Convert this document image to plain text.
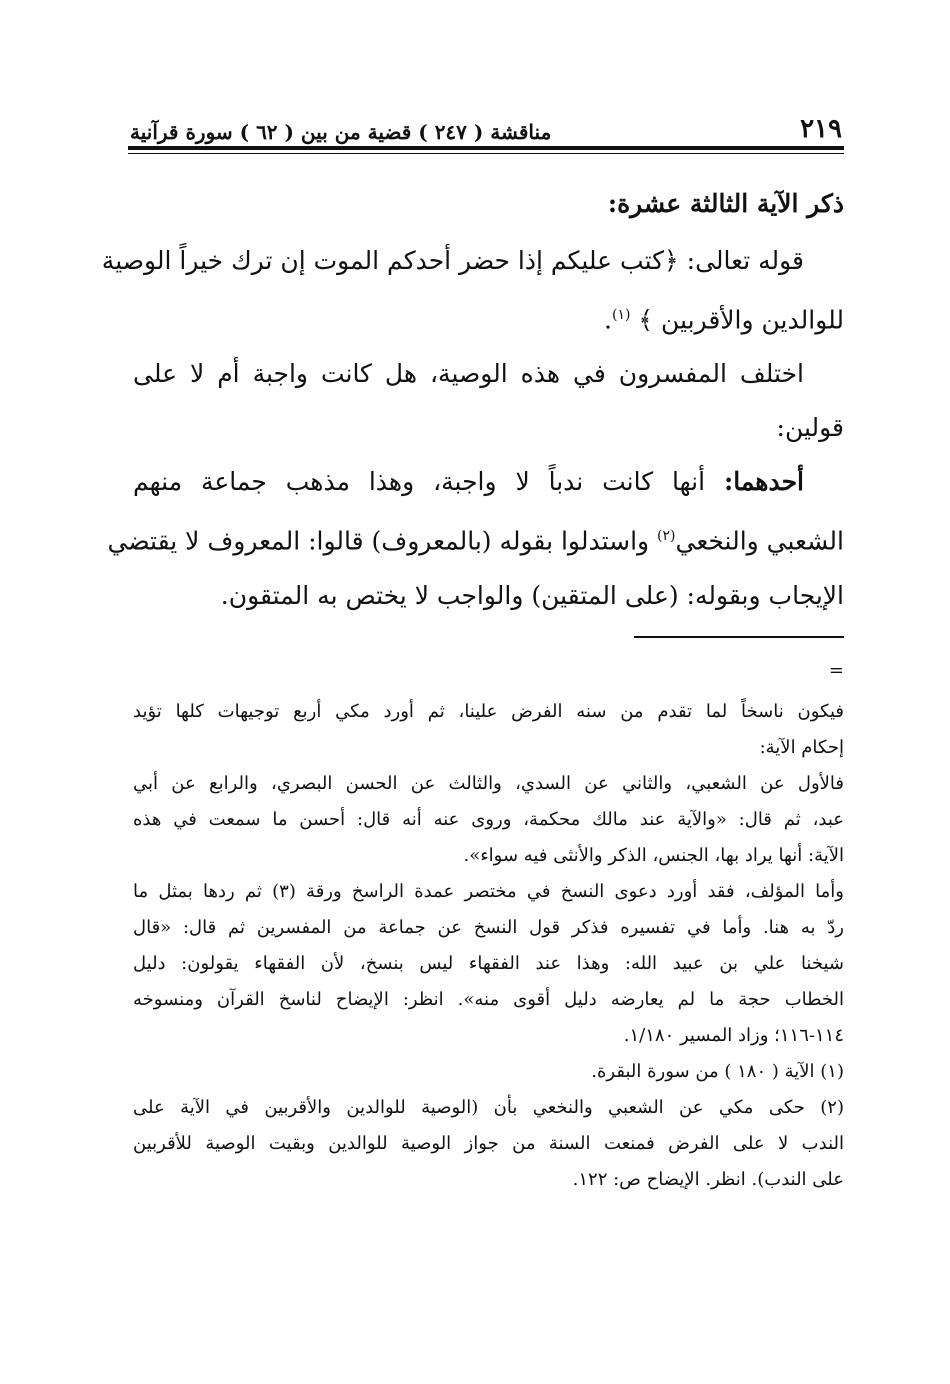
٢١٩
مناقشة ( ٢٤٧ ) قضية من بين ( ٦٢ ) سورة قرآنية
ذكر الآية الثالثة عشرة:
قوله تعالى: ﴿كتب عليكم إذا حضر أحدكم الموت إن ترك خيراً الوصية
للوالدين والأقربين ﴾ $^{(١)}$.
اختلف المفسرون في هذه الوصية، هل كانت واجبة أم لا على
قولين:
أحدهما: أنها كانت ندباً لا واجبة، وهذا مذهب جماعة منهم
الشعبي والنخعي$^{(٢)}$ واستدلوا بقوله (بالمعروف) قالوا: المعروف لا يقتضي
الإيجاب وبقوله: (على المتقين) والواجب لا يختص به المتقون.
=
فيكون ناسخاً لما تقدم من سنه الفرض علينا، ثم أورد مكي أربع توجيهات كلها تؤيد
إحكام الآية:
فالأول عن الشعبي، والثاني عن السدي، والثالث عن الحسن البصري، والرابع عن أبي
عبد، ثم قال: «والآية عند مالك محكمة، وروى عنه أنه قال: أحسن ما سمعت في هذه
الآية: أنها يراد بها، الجنس، الذكر والأنثى فيه سواء».
وأما المؤلف، فقد أورد دعوى النسخ في مختصر عمدة الراسخ ورقة (٣) ثم ردها بمثل ما
ردّ به هنا. وأما في تفسيره فذكر قول النسخ عن جماعة من المفسرين ثم قال: «قال
شيخنا علي بن عبيد الله: وهذا عند الفقهاء ليس بنسخ، لأن الفقهاء يقولون: دليل
الخطاب حجة ما لم يعارضه دليل أقوى منه». انظر: الإيضاح لناسخ القرآن ومنسوخه
١١٤-١١٦؛ وزاد المسير ١/١٨٠.
(١) الآية ( ١٨٠ ) من سورة البقرة.
(٢) حكى مكي عن الشعبي والنخعي بأن (الوصية للوالدين والأقربين في الآية على
الندب لا على الفرض فمنعت السنة من جواز الوصية للوالدين وبقيت الوصية للأقربين
على الندب). انظر. الإيضاح ص: ١٢٢.
